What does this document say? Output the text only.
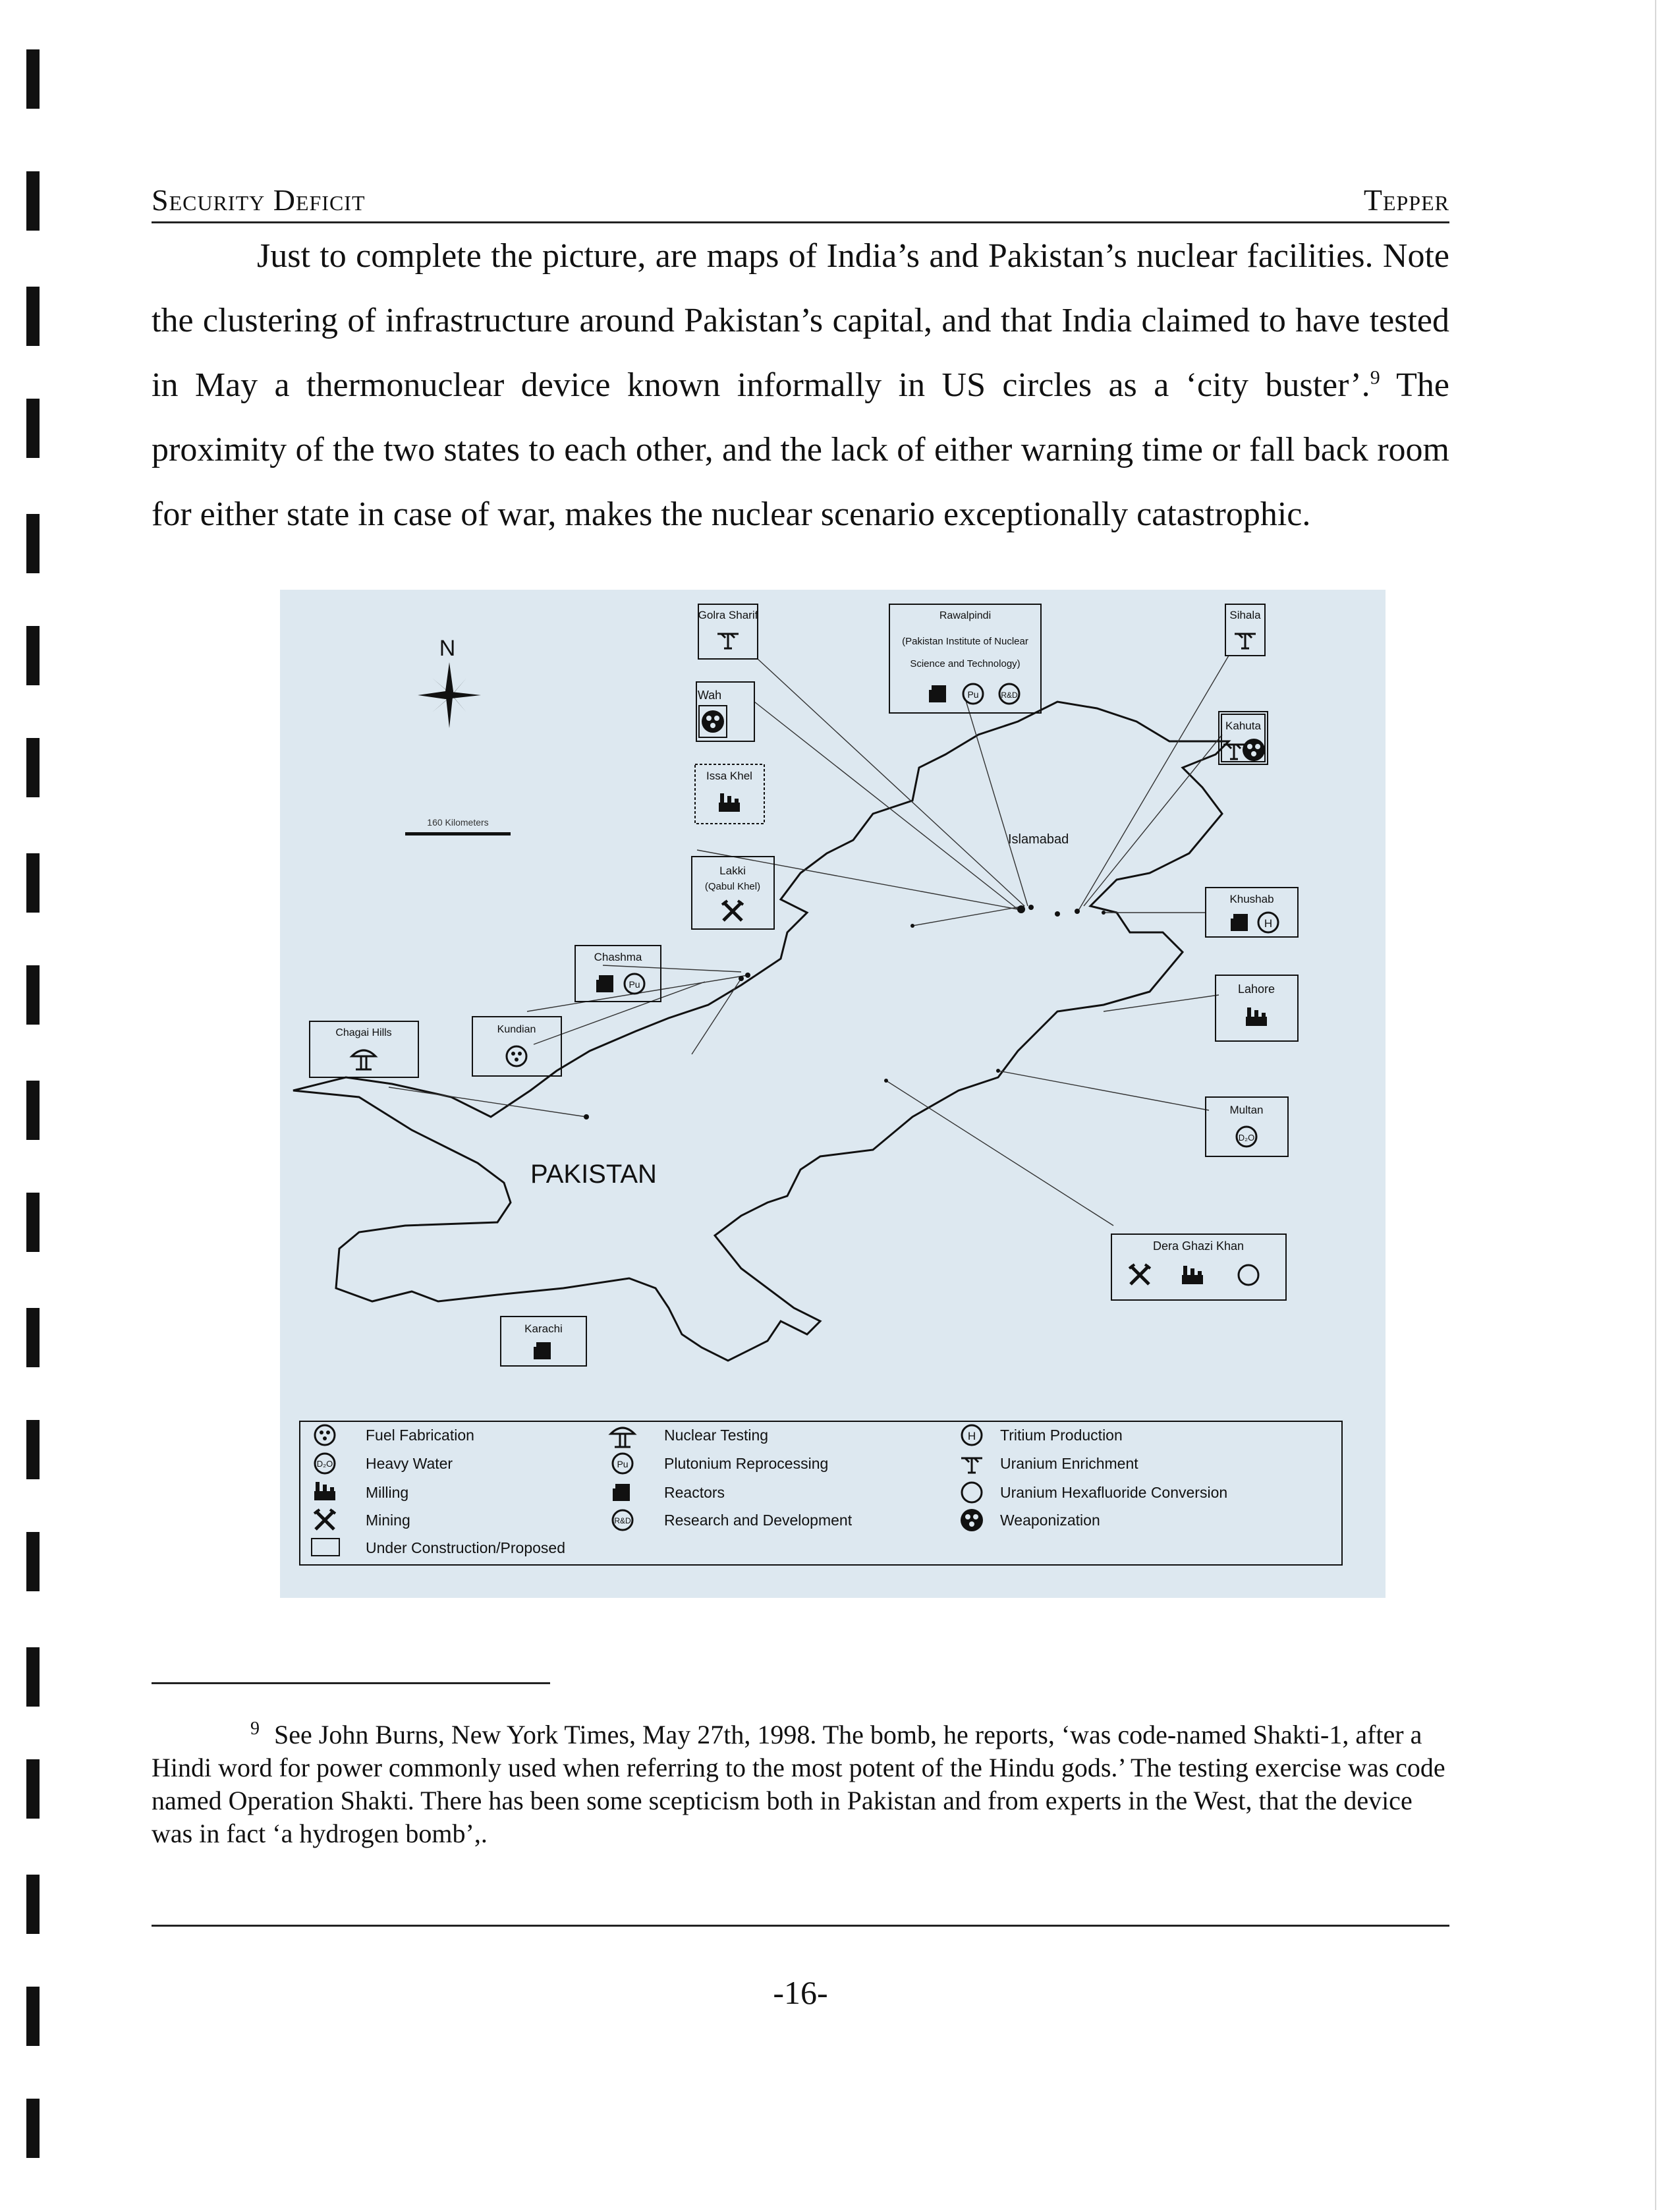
Security Deficit	Tepper

Just to complete the picture, are maps of India’s and Pakistan’s nuclear facilities. Note the clustering of infrastructure around Pakistan’s capital, and that India claimed to have tested in May a thermonuclear device known informally in US circles as a ‘city buster’.$^9$ The proximity of the two states to each other, and the lack of either warning time or fall back room for either state in case of war, makes the nuclear scenario exceptionally catastrophic.

N
160 Kilometers
PAKISTAN
Islamabad
Golra Sharif	Rawalpindi
(Pakistan Institute of Nuclear
Science and Technology)
Pu	R&D
Sihala
Wah
Kahuta
Issa Khel
Lakki
(Qabul Khel)
Khushab
H
Chashma
Pu	Lahore
Chagai Hills	Kundian
Multan
D₂O
Dera Ghazi Khan
Karachi
Fuel Fabrication
D₂O Heavy Water
Milling
Mining
Under Construction/Proposed
Nuclear Testing
Pu Plutonium Reprocessing
Reactors
R&D Research and Development
H Tritium Production
Uranium Enrichment
Uranium Hexafluoride Conversion
Weaponization

$^9$ See John Burns, New York Times, May 27th, 1998. The bomb, he reports, ‘was code-named Shakti-1, after a Hindi word for power commonly used when referring to the most potent of the Hindu gods.’ The testing exercise was code named Operation Shakti. There has been some scepticism both in Pakistan and from experts in the West, that the device was in fact ‘a hydrogen bomb’,.

-16-
